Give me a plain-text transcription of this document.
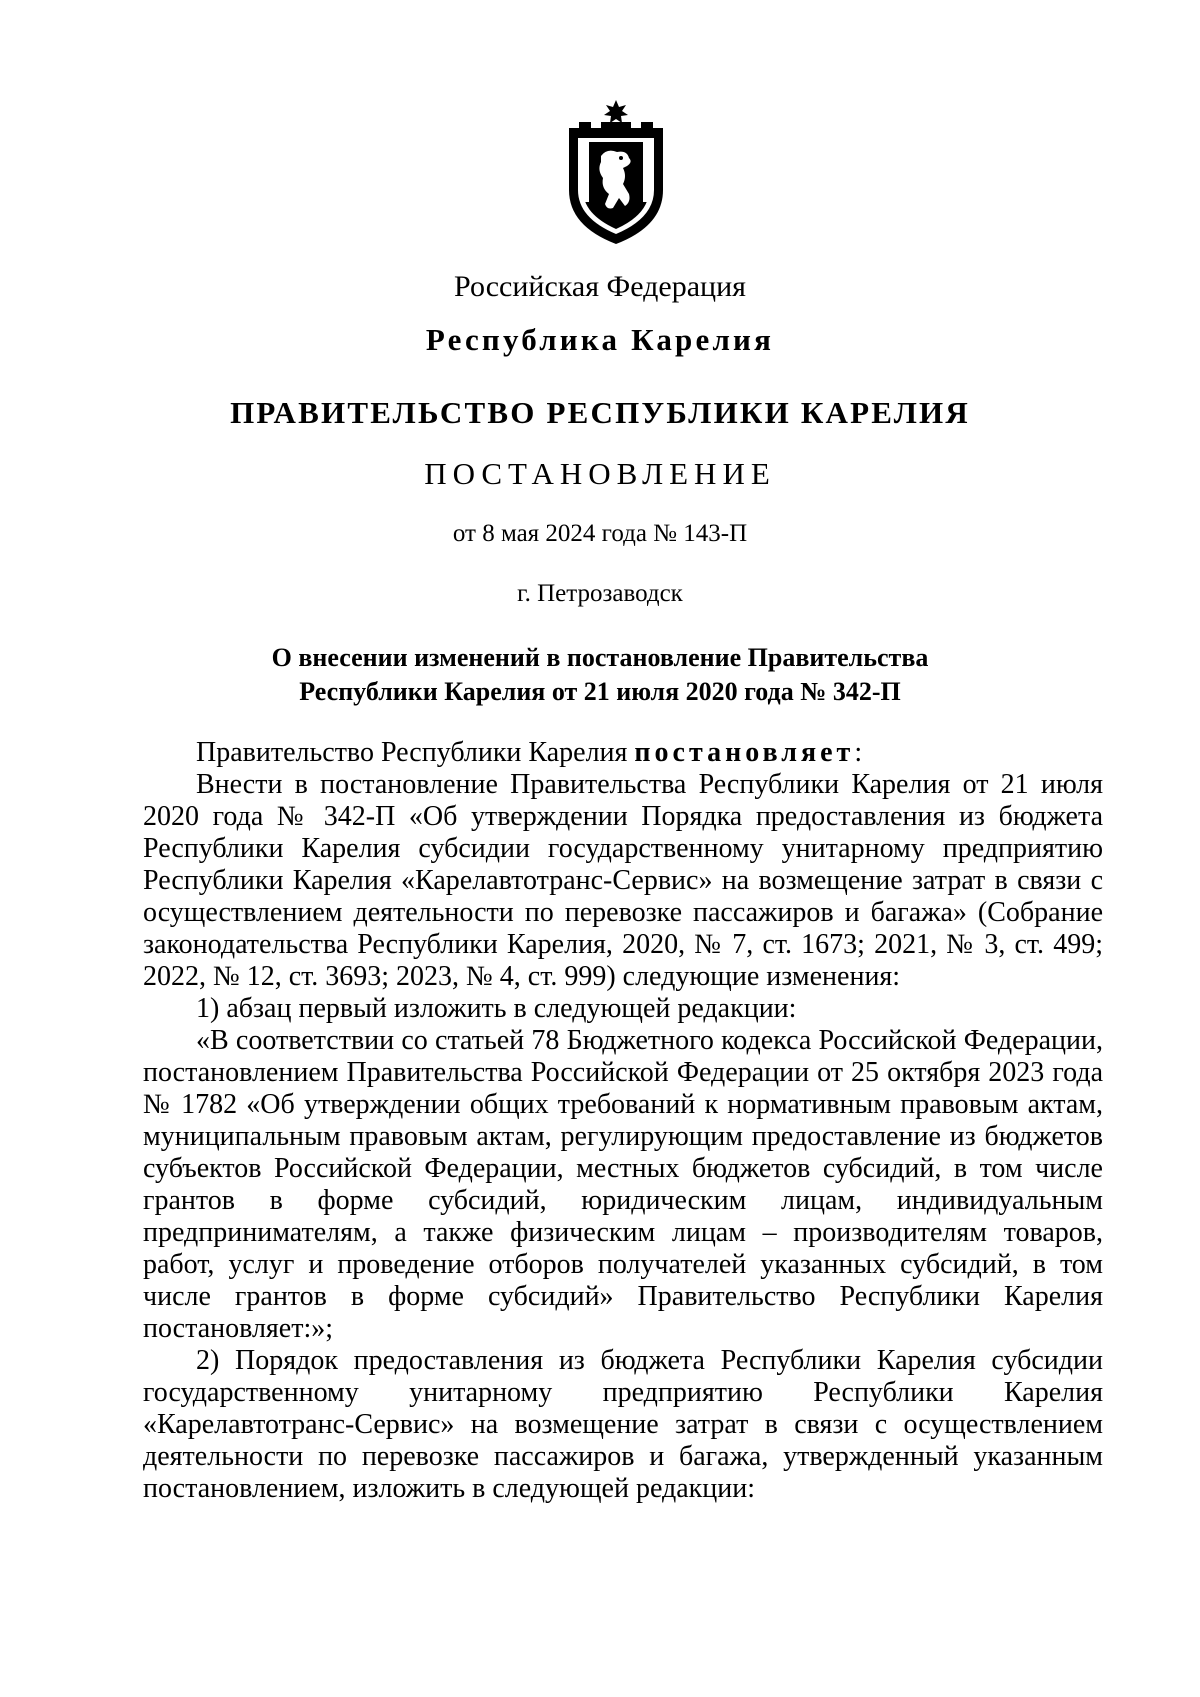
Российская Федерация
Республика Карелия
ПРАВИТЕЛЬСТВО РЕСПУБЛИКИ КАРЕЛИЯ
ПОСТАНОВЛЕНИЕ
от 8 мая 2024 года № 143-П
г. Петрозаводск
О внесении изменений в постановление Правительства
Республики Карелия от 21 июля 2020 года № 342-П

Правительство Республики Карелия постановляет:

Внести в постановление Правительства Республики Карелия от 21 июля 2020 года № 342-П «Об утверждении Порядка предоставления из бюджета Республики Карелия субсидии государственному унитарному предприятию Республики Карелия «Карелавтотранс-Сервис» на возмещение затрат в связи с осуществлением деятельности по перевозке пассажиров и багажа» (Собрание законодательства Республики Карелия, 2020, № 7, ст. 1673; 2021, № 3, ст. 499; 2022, № 12, ст. 3693; 2023, № 4, ст. 999) следующие изменения:

1) абзац первый изложить в следующей редакции:

«В соответствии со статьей 78 Бюджетного кодекса Российской Федерации, постановлением Правительства Российской Федерации от 25 октября 2023 года № 1782 «Об утверждении общих требований к нормативным правовым актам, муниципальным правовым актам, регулирующим предоставление из бюджетов субъектов Российской Федерации, местных бюджетов субсидий, в том числе грантов в форме субсидий, юридическим лицам, индивидуальным предпринимателям, а также физическим лицам – производителям товаров, работ, услуг и проведение отборов получателей указанных субсидий, в том числе грантов в форме субсидий» Правительство Республики Карелия постановляет:»;

2) Порядок предоставления из бюджета Республики Карелия субсидии государственному унитарному предприятию Республики Карелия «Карелавтотранс-Сервис» на возмещение затрат в связи с осуществлением деятельности по перевозке пассажиров и багажа, утвержденный указанным постановлением, изложить в следующей редакции:
